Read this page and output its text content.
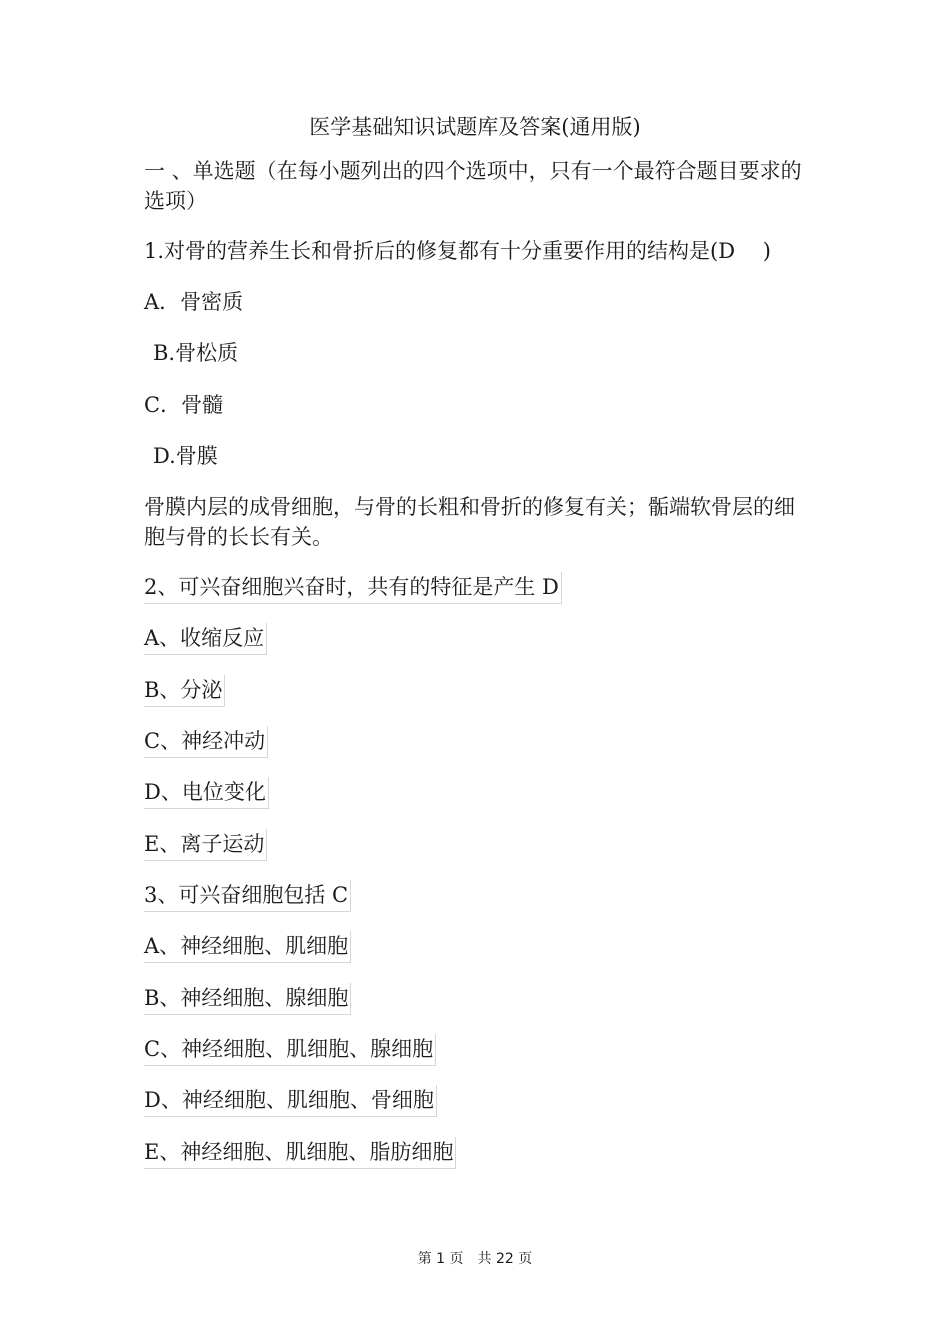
医学基础知识试题库及答案(通用版)
一 、单选题（在每小题列出的四个选项中，只有一个最符合题目要求的选项）
1.对骨的营养生长和骨折后的修复都有十分重要作用的结构是(D　 )
A．骨密质
B.骨松质
C．骨髓
D.骨膜
骨膜内层的成骨细胞，与骨的长粗和骨折的修复有关；骺端软骨层的细胞与骨的长长有关。
2、可兴奋细胞兴奋时，共有的特征是产生 D
A、收缩反应
B、分泌
C、神经冲动
D、电位变化
E、离子运动
3、可兴奋细胞包括 C
A、神经细胞、肌细胞
B、神经细胞、腺细胞
C、神经细胞、肌细胞、腺细胞
D、神经细胞、肌细胞、骨细胞
E、神经细胞、肌细胞、脂肪细胞
第 1 页　共 22 页
